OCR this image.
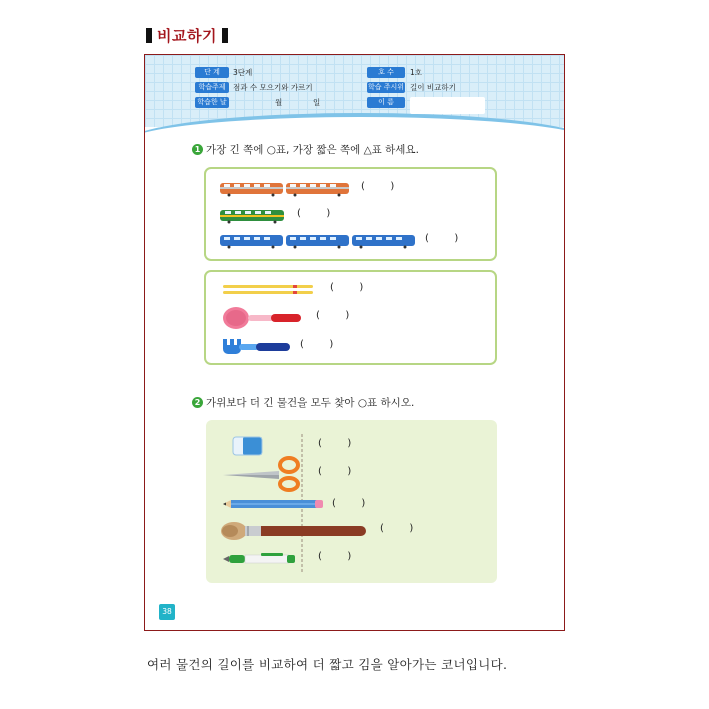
비교하기
단 계	3단계	호 수	1호
학습주제 점과 수 모으기와 가르기	학습 주시위 길이 비교하기
학습한 날	월	일	이 름
1 가장 긴 쪽에 ○표, 가장 짧은 쪽에 △표 하세요.
(        )
(        )
(        )
(        )
(        )
(        )
2 가위보다 더 긴 물건을 모두 찾아 ○표 하시오.
(        )
(        )
(        )
(        )
(        )
38
여러 물건의 길이를 비교하여 더 짧고 김을 알아가는 코너입니다.
